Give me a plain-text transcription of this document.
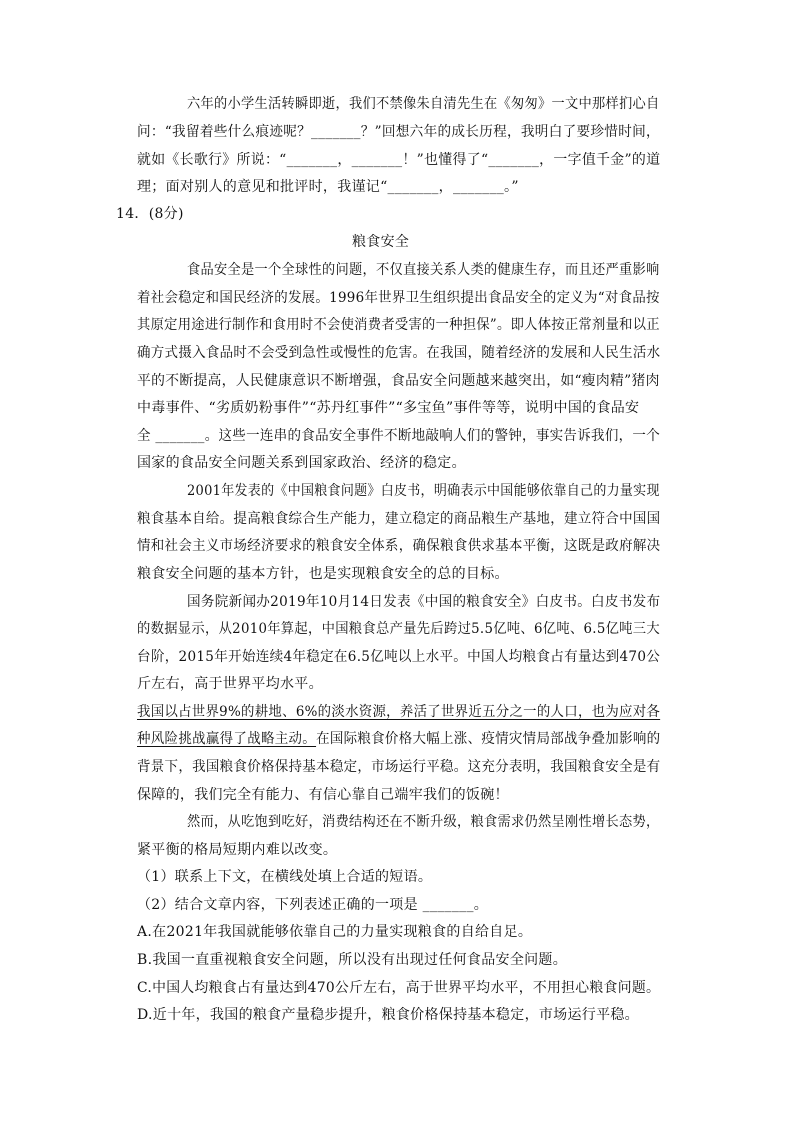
六年的小学生活转瞬即逝，我们不禁像朱自清先生在《匆匆》一文中那样扪心自
问：“我留着些什么痕迹呢？_______？”回想六年的成长历程，我明白了要珍惜时间，
就如《长歌行》所说：“_______，_______！”也懂得了“_______，一字值千金”的道
理；面对别人的意见和批评时，我谨记“_______，_______。”
14．(8分)
粮食安全
食品安全是一个全球性的问题，不仅直接关系人类的健康生存，而且还严重影响
着社会稳定和国民经济的发展。1996年世界卫生组织提出食品安全的定义为“对食品按
其原定用途进行制作和食用时不会使消费者受害的一种担保”。即人体按正常剂量和以正
确方式摄入食品时不会受到急性或慢性的危害。在我国，随着经济的发展和人民生活水
平的不断提高，人民健康意识不断增强，食品安全问题越来越突出，如“瘦肉精”猪肉
中毒事件、“劣质奶粉事件”“苏丹红事件”“多宝鱼”事件等等，说明中国的食品安
全 _______。这些一连串的食品安全事件不断地敲响人们的警钟，事实告诉我们，一个
国家的食品安全问题关系到国家政治、经济的稳定。
2001年发表的《中国粮食问题》白皮书，明确表示中国能够依靠自己的力量实现
粮食基本自给。提高粮食综合生产能力，建立稳定的商品粮生产基地，建立符合中国国
情和社会主义市场经济要求的粮食安全体系，确保粮食供求基本平衡，这既是政府解决
粮食安全问题的基本方针，也是实现粮食安全的总的目标。
国务院新闻办2019年10月14日发表《中国的粮食安全》白皮书。白皮书发布
的数据显示，从2010年算起，中国粮食总产量先后跨过5.5亿吨、6亿吨、6.5亿吨三大
台阶，2015年开始连续4年稳定在6.5亿吨以上水平。中国人均粮食占有量达到470公
斤左右，高于世界平均水平。
我国以占世界9%的耕地、6%的淡水资源，养活了世界近五分之一的人口，也为应对各
种风险挑战赢得了战略主动。在国际粮食价格大幅上涨、疫情灾情局部战争叠加影响的
背景下，我国粮食价格保持基本稳定，市场运行平稳。这充分表明，我国粮食安全是有
保障的，我们完全有能力、有信心靠自己端牢我们的饭碗！
然而，从吃饱到吃好，消费结构还在不断升级，粮食需求仍然呈刚性增长态势，
紧平衡的格局短期内难以改变。
（1）联系上下文，在横线处填上合适的短语。
（2）结合文章内容，下列表述正确的一项是 _______。
A.在2021年我国就能够依靠自己的力量实现粮食的自给自足。
B.我国一直重视粮食安全问题，所以没有出现过任何食品安全问题。
C.中国人均粮食占有量达到470公斤左右，高于世界平均水平，不用担心粮食问题。
D.近十年，我国的粮食产量稳步提升，粮食价格保持基本稳定，市场运行平稳。
